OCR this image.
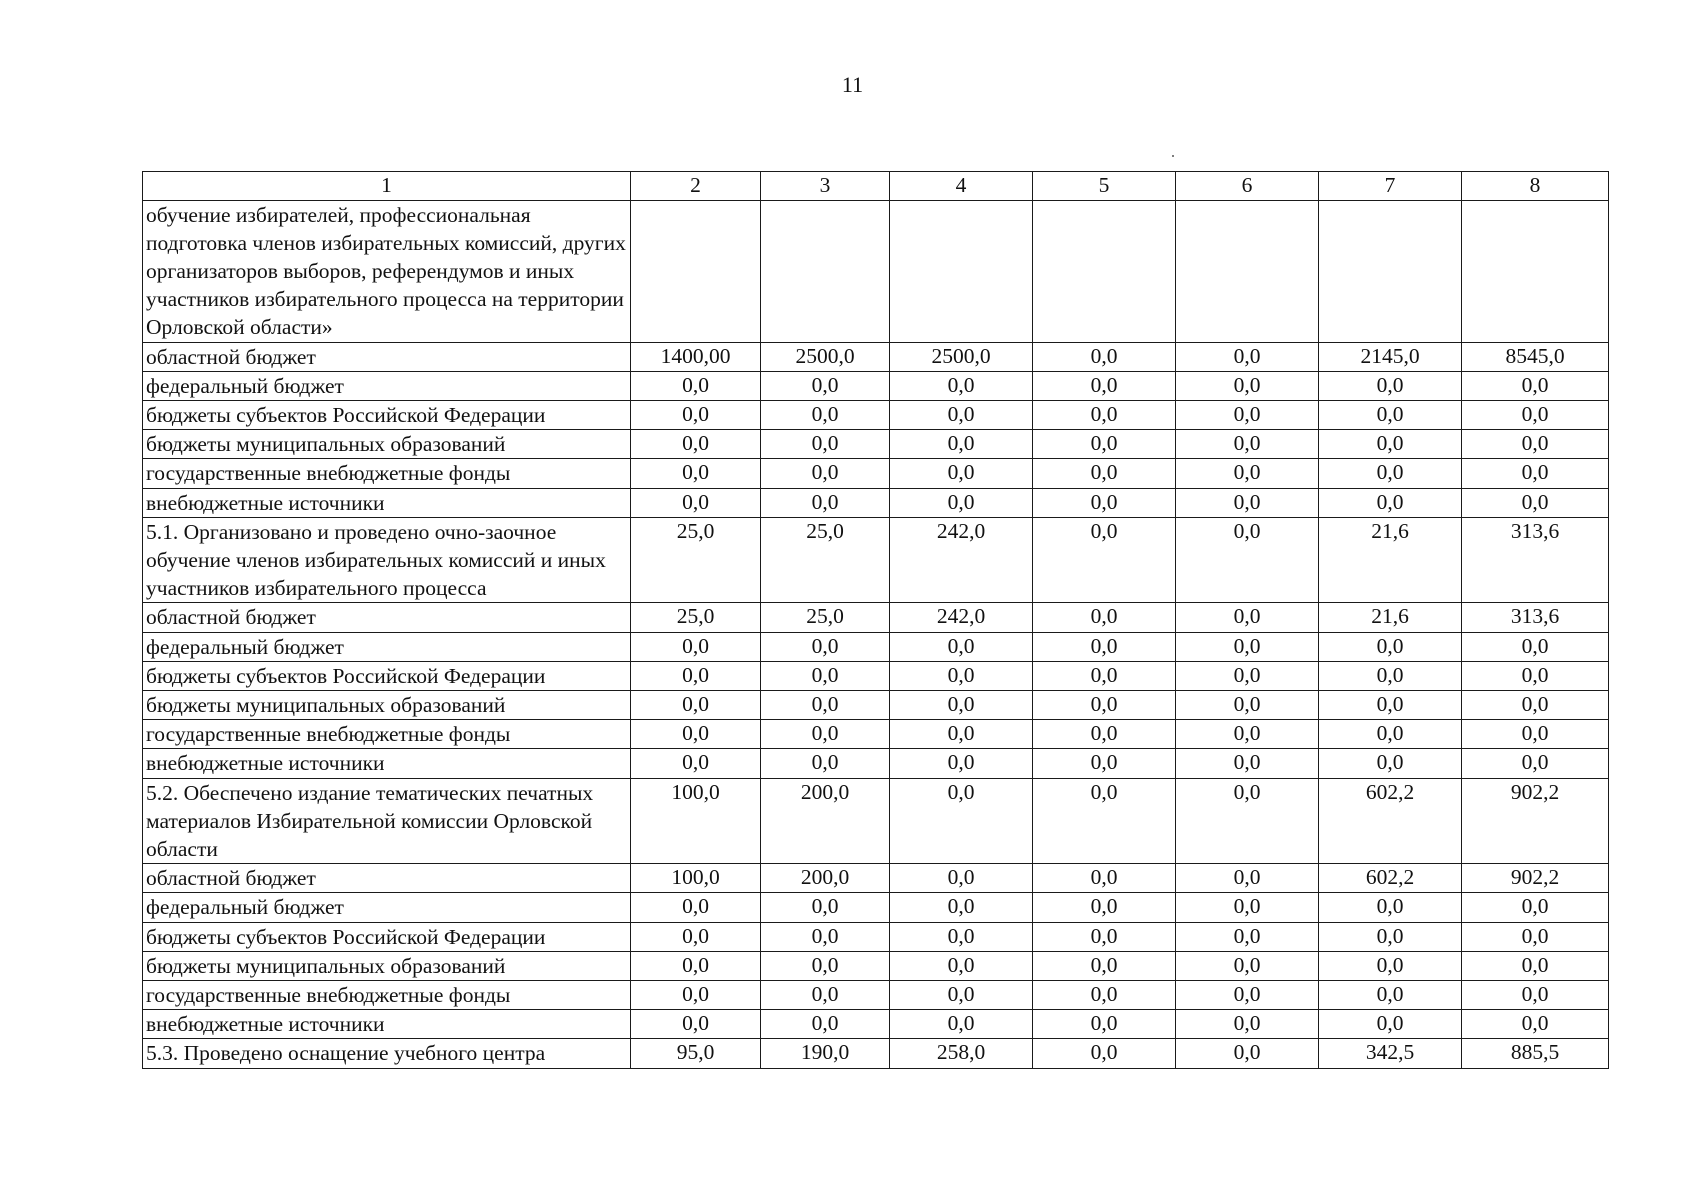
11
1	2	3	4	5	6	7	8
обучение избирателей, профессиональная подготовка членов избирательных комиссий, других организаторов выборов, референдумов и иных участников избирательного процесса на территории Орловской области»							
областной бюджет	1400,00	2500,0	2500,0	0,0	0,0	2145,0	8545,0
федеральный бюджет	0,0	0,0	0,0	0,0	0,0	0,0	0,0
бюджеты субъектов Российской Федерации	0,0	0,0	0,0	0,0	0,0	0,0	0,0
бюджеты муниципальных образований	0,0	0,0	0,0	0,0	0,0	0,0	0,0
государственные внебюджетные фонды	0,0	0,0	0,0	0,0	0,0	0,0	0,0
внебюджетные источники	0,0	0,0	0,0	0,0	0,0	0,0	0,0
5.1. Организовано и проведено очно-заочное обучение членов избирательных комиссий и иных участников избирательного процесса	25,0	25,0	242,0	0,0	0,0	21,6	313,6
областной бюджет	25,0	25,0	242,0	0,0	0,0	21,6	313,6
федеральный бюджет	0,0	0,0	0,0	0,0	0,0	0,0	0,0
бюджеты субъектов Российской Федерации	0,0	0,0	0,0	0,0	0,0	0,0	0,0
бюджеты муниципальных образований	0,0	0,0	0,0	0,0	0,0	0,0	0,0
государственные внебюджетные фонды	0,0	0,0	0,0	0,0	0,0	0,0	0,0
внебюджетные источники	0,0	0,0	0,0	0,0	0,0	0,0	0,0
5.2. Обеспечено издание тематических печатных материалов Избирательной комиссии Орловской области	100,0	200,0	0,0	0,0	0,0	602,2	902,2
областной бюджет	100,0	200,0	0,0	0,0	0,0	602,2	902,2
федеральный бюджет	0,0	0,0	0,0	0,0	0,0	0,0	0,0
бюджеты субъектов Российской Федерации	0,0	0,0	0,0	0,0	0,0	0,0	0,0
бюджеты муниципальных образований	0,0	0,0	0,0	0,0	0,0	0,0	0,0
государственные внебюджетные фонды	0,0	0,0	0,0	0,0	0,0	0,0	0,0
внебюджетные источники	0,0	0,0	0,0	0,0	0,0	0,0	0,0
5.3. Проведено оснащение учебного центра	95,0	190,0	258,0	0,0	0,0	342,5	885,5
